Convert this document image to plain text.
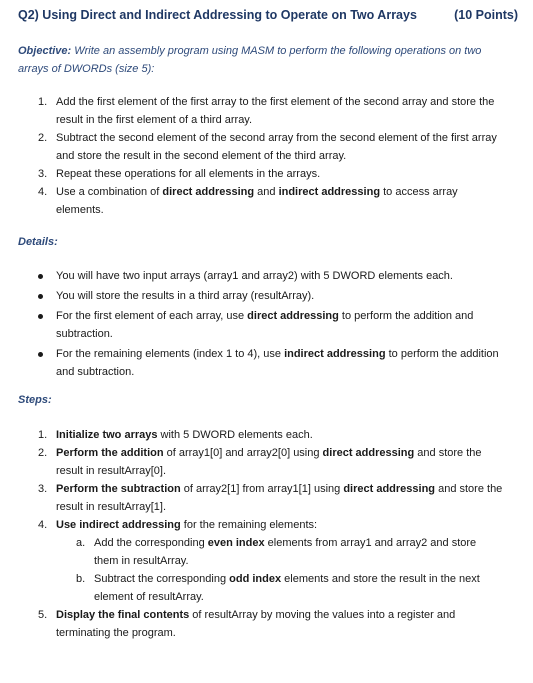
Q2) Using Direct and Indirect Addressing to Operate on Two Arrays	(10 Points)
Objective: Write an assembly program using MASM to perform the following operations on two arrays of DWORDs (size 5):
1. Add the first element of the first array to the first element of the second array and store the result in the first element of a third array.
2. Subtract the second element of the second array from the second element of the first array and store the result in the second element of the third array.
3. Repeat these operations for all elements in the arrays.
4. Use a combination of direct addressing and indirect addressing to access array elements.
Details:
You will have two input arrays (array1 and array2) with 5 DWORD elements each.
You will store the results in a third array (resultArray).
For the first element of each array, use direct addressing to perform the addition and subtraction.
For the remaining elements (index 1 to 4), use indirect addressing to perform the addition and subtraction.
Steps:
1. Initialize two arrays with 5 DWORD elements each.
2. Perform the addition of array1[0] and array2[0] using direct addressing and store the result in resultArray[0].
3. Perform the subtraction of array2[1] from array1[1] using direct addressing and store the result in resultArray[1].
4. Use indirect addressing for the remaining elements:
a. Add the corresponding even index elements from array1 and array2 and store them in resultArray.
b. Subtract the corresponding odd index elements and store the result in the next element of resultArray.
5. Display the final contents of resultArray by moving the values into a register and terminating the program.
